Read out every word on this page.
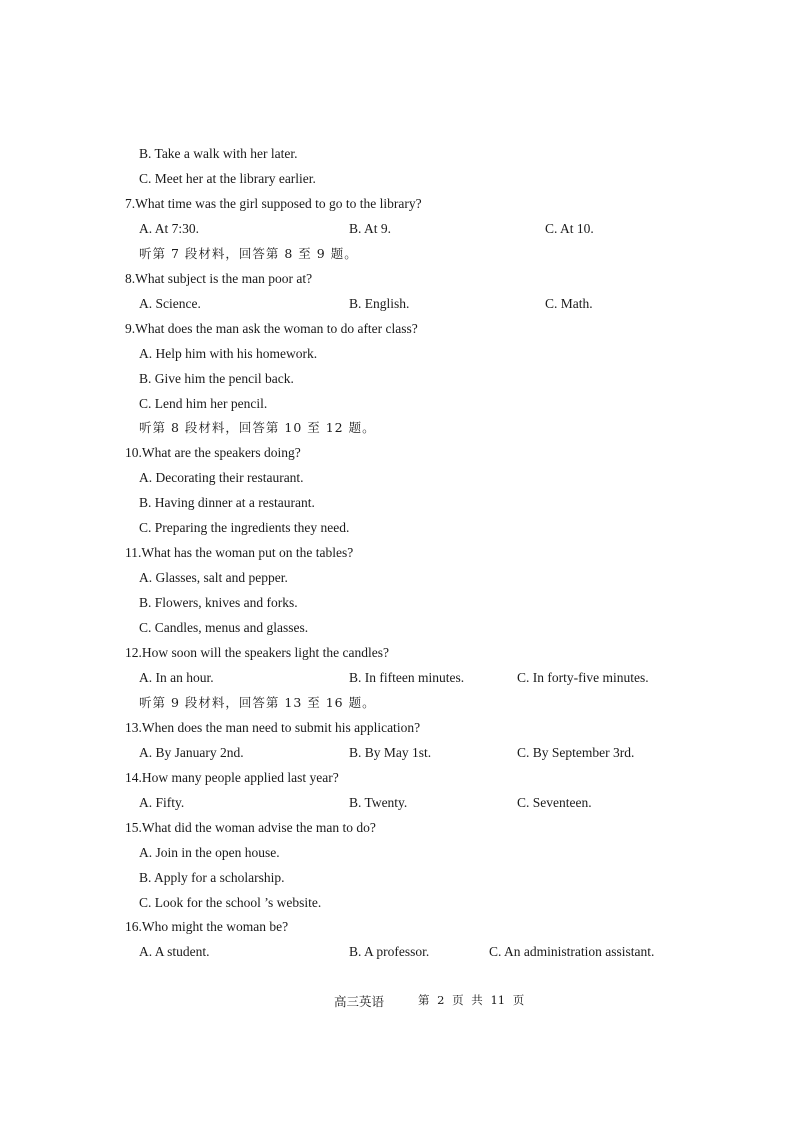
高三英语	第 2 页 共 11 页
B. Take a walk with her later.
C. Meet her at the library earlier.
7.What time was the girl supposed to go to the library?
A. At 7:30.	B. At 9.	C. At 10.
听第 7 段材料，回答第 8 至 9 题。
8.What subject is the man poor at?
A. Science.	B. English.	C. Math.
9.What does the man ask the woman to do after class?
A. Help him with his homework.
B. Give him the pencil back.
C. Lend him her pencil.
听第 8 段材料，回答第 10 至 12 题。
10.What are the speakers doing?
A. Decorating their restaurant.
B. Having dinner at a restaurant.
C. Preparing the ingredients they need.
11.What has the woman put on the tables?
A. Glasses, salt and pepper.
B. Flowers, knives and forks.
C. Candles, menus and glasses.
12.How soon will the speakers light the candles?
A. In an hour.	B. In fifteen minutes.	C. In forty-five minutes.
听第 9 段材料，回答第 13 至 16 题。
13.When does the man need to submit his application?
A. By January 2nd.	B. By May 1st.	C. By September 3rd.
14.How many people applied last year?
A. Fifty.	B. Twenty.	C. Seventeen.
15.What did the woman advise the man to do?
A. Join in the open house.
B. Apply for a scholarship.
C. Look for the school ’s website.
16.Who might the woman be?
A. A student.	B. A professor.	C. An administration assistant.
